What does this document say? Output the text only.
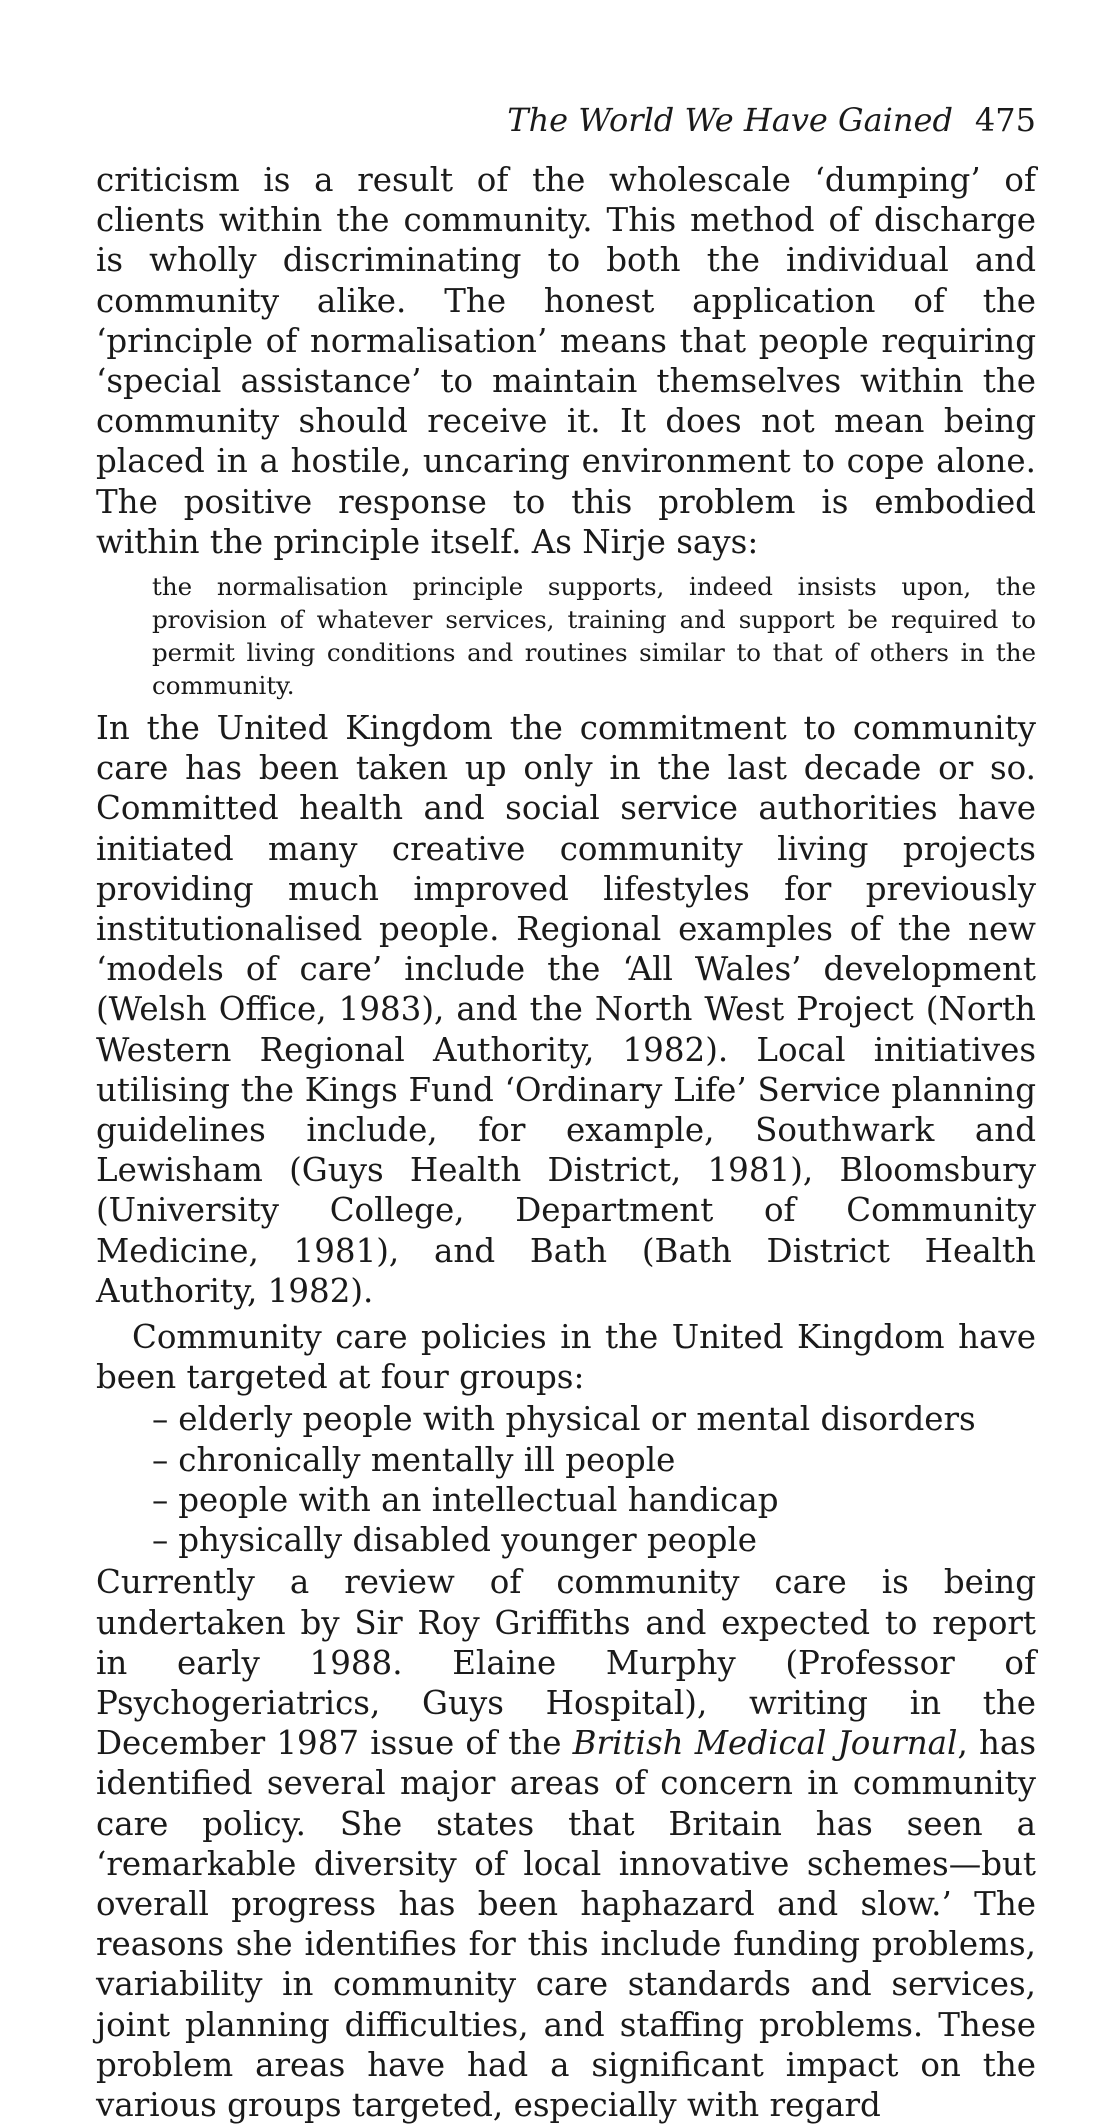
The World We Have Gained 475

criticism is a result of the wholescale ‘dumping’ of clients within the community. This method of discharge is wholly discriminating to both the individual and community alike. The honest application of the ‘principle of normalisation’ means that people requiring ‘special assistance’ to maintain themselves within the community should receive it. It does not mean being placed in a hostile, uncaring environment to cope alone. The positive response to this problem is embodied within the principle itself. As Nirje says:

the normalisation principle supports, indeed insists upon, the provision of whatever services, training and support be required to permit living conditions and routines similar to that of others in the community.

In the United Kingdom the commitment to community care has been taken up only in the last decade or so. Committed health and social service authorities have initiated many creative community living projects providing much improved lifestyles for previously institutionalised people. Regional examples of the new ‘models of care’ include the ‘All Wales’ development (Welsh Office, 1983), and the North West Project (North Western Regional Authority, 1982). Local initiatives utilising the Kings Fund ‘Ordinary Life’ Service planning guidelines include, for example, Southwark and Lewisham (Guys Health District, 1981), Bloomsbury (University College, Department of Community Medicine, 1981), and Bath (Bath District Health Authority, 1982).

Community care policies in the United Kingdom have been targeted at four groups:

– elderly people with physical or mental disorders
– chronically mentally ill people
– people with an intellectual handicap
– physically disabled younger people

Currently a review of community care is being undertaken by Sir Roy Griffiths and expected to report in early 1988. Elaine Murphy (Professor of Psychogeriatrics, Guys Hospital), writing in the December 1987 issue of the British Medical Journal, has identified several major areas of concern in community care policy. She states that Britain has seen a ‘remarkable diversity of local innovative schemes—but overall progress has been haphazard and slow.’ The reasons she identifies for this include funding problems, variability in community care standards and services, joint planning difficulties, and staffing problems. These problem areas have had a significant impact on the various groups targeted, especially with regard
